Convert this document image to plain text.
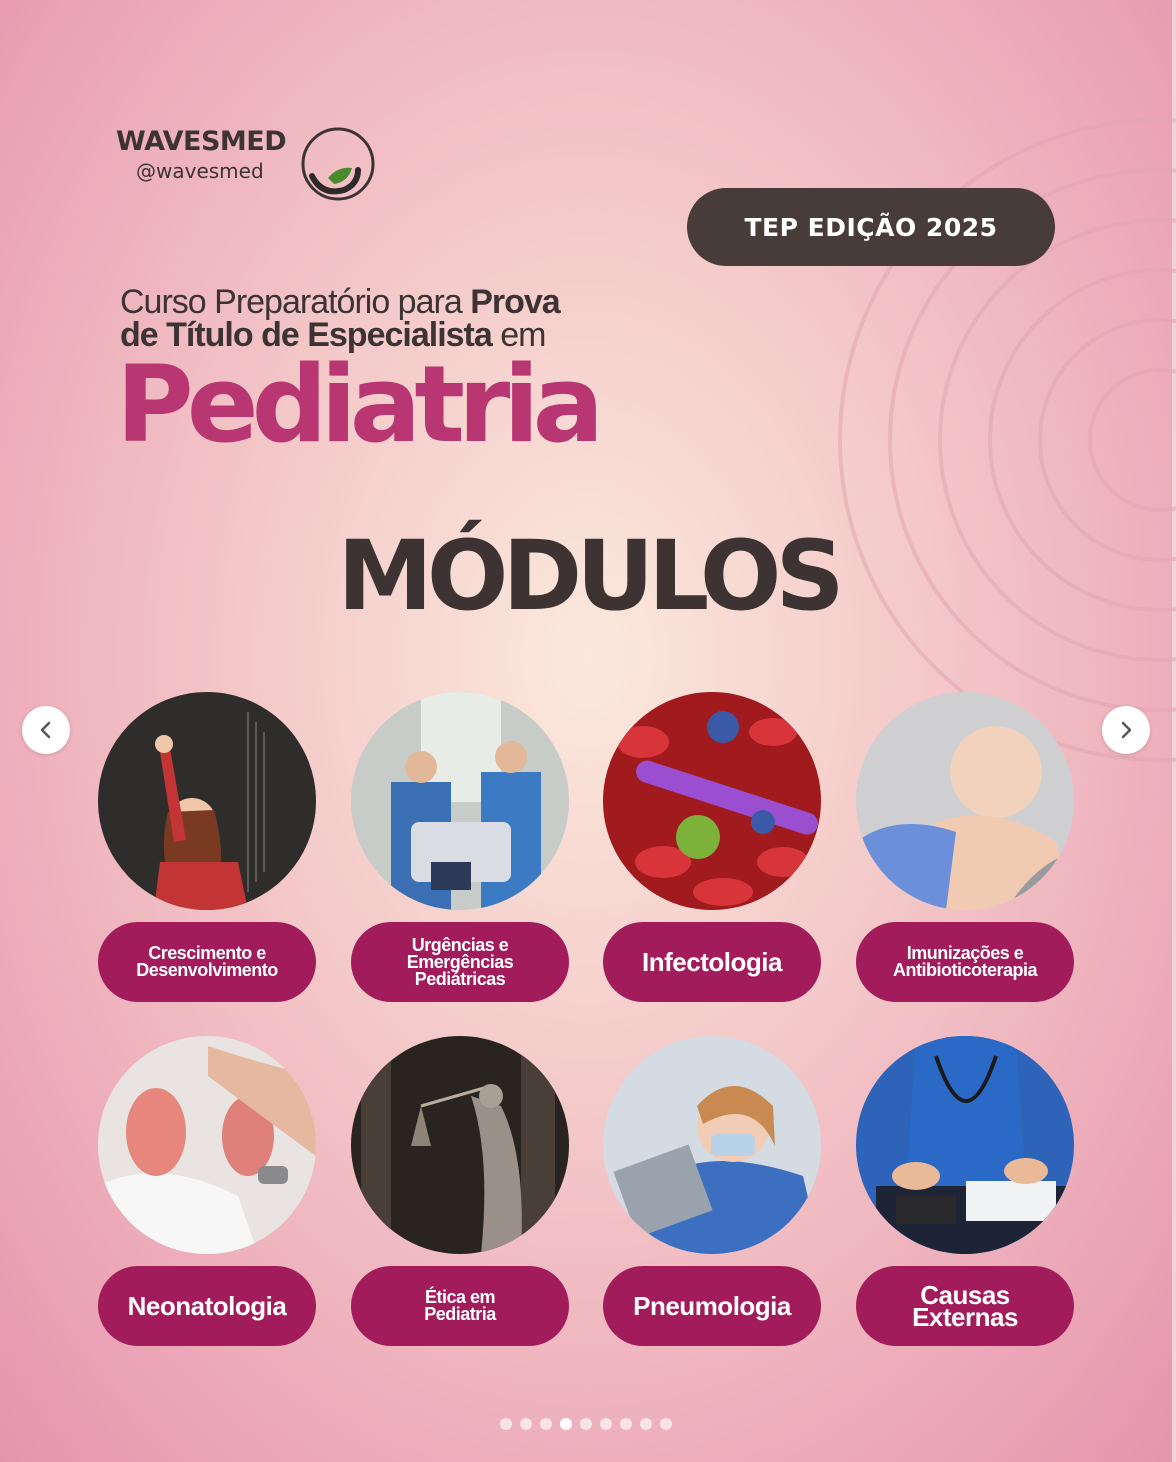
WAVESMED
@wavesmed
TEP EDIÇÃO 2025
Curso Preparatório para Prova
de Título de Especialista em
Pediatria
MÓDULOS
Crescimento e
Desenvolvimento
Urgências e
Emergências
Pediátricas
Infectologia	Imunizações e
Antibioticoterapia
Neonatologia	Ética em
Pediatria	Pneumologia	Causas
Externas
